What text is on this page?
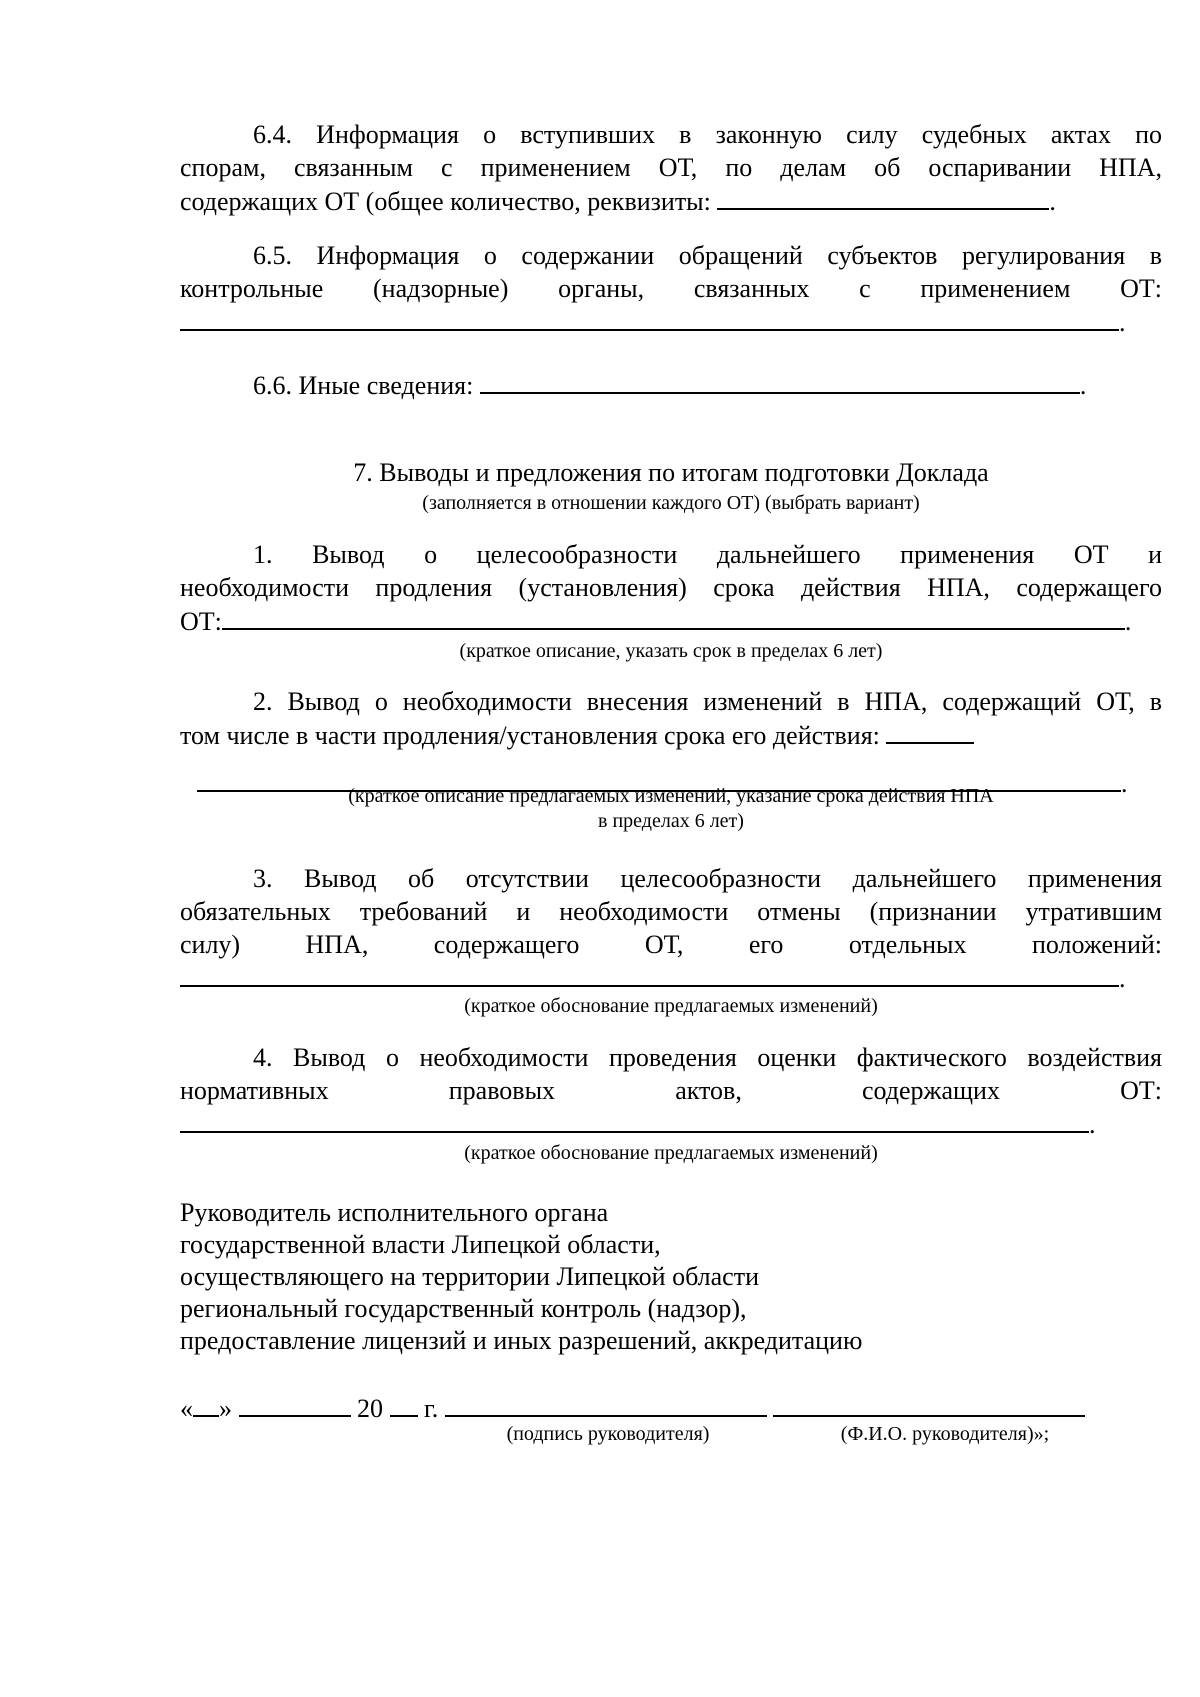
6.4. Информация о вступивших в законную силу судебных актах по
спорам, связанным с применением ОТ, по делам об оспаривании НПА,
содержащих ОТ (общее количество, реквизиты:	.
6.5. Информация о содержании обращений субъектов регулирования в
контрольные (надзорные) органы, связанных с применением ОТ:
.
6.6. Иные сведения:	.
7. Выводы и предложения по итогам подготовки Доклада
(заполняется в отношении каждого ОТ) (выбрать вариант)
1. Вывод о целесообразности дальнейшего применения ОТ и
необходимости продления (установления) срока действия НПА, содержащего
ОТ:	.
(краткое описание, указать срок в пределах 6 лет)
2. Вывод о необходимости внесения изменений в НПА, содержащий ОТ, в
том числе в части продления/установления срока его действия:
.
(краткое описание предлагаемых изменений, указание срока действия НПА
в пределах 6 лет)
3. Вывод об отсутствии целесообразности дальнейшего применения
обязательных требований и необходимости отмены (признании утратившим
силу) НПА, содержащего ОТ, его отдельных положений:
.
(краткое обоснование предлагаемых изменений)
4. Вывод о необходимости проведения оценки фактического воздействия
нормативных правовых актов, содержащих ОТ:
.
(краткое обоснование предлагаемых изменений)
Руководитель исполнительного органа
государственной власти Липецкой области,
осуществляющего на территории Липецкой области
региональный государственный контроль (надзор),
предоставление лицензий и иных разрешений, аккредитацию
« »	20 г.
(подпись руководителя)	(Ф.И.О. руководителя)»;
